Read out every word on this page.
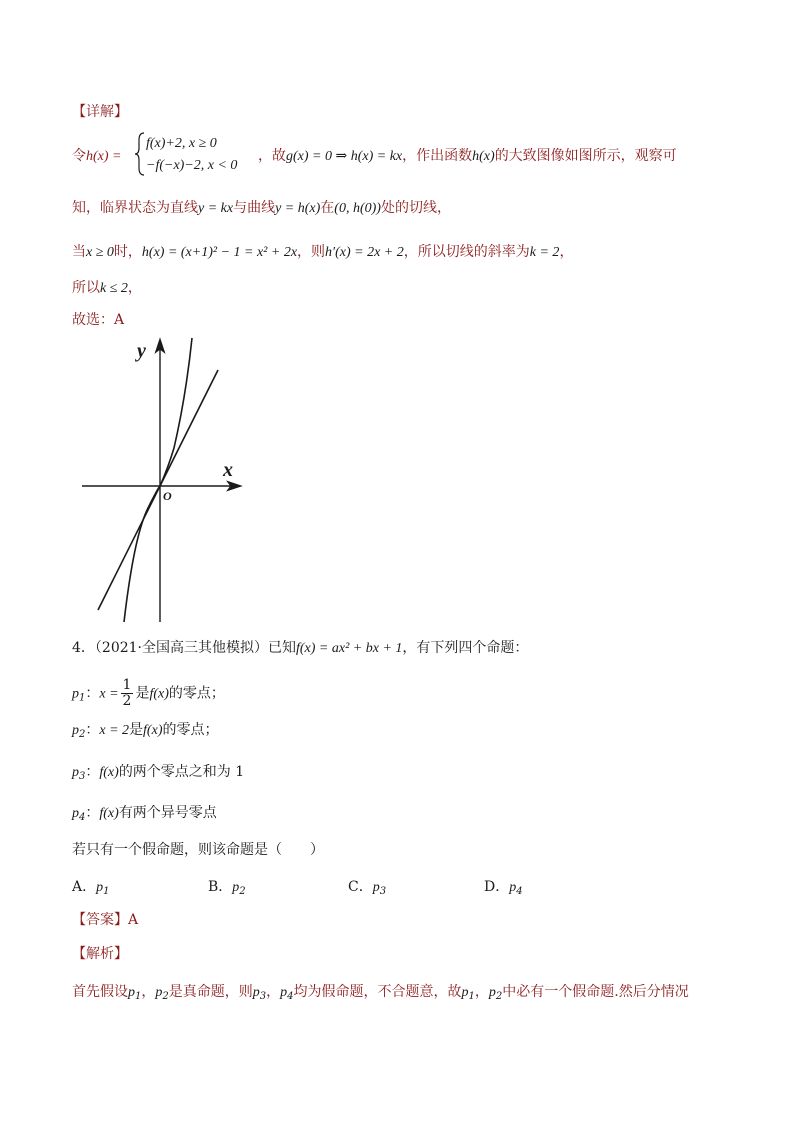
【详解】
令h(x) =
f(x)+2, x ≥ 0
−f(−x)−2, x < 0
，故g(x) = 0 ⇒ h(x) = kx，作出函数h(x)的大致图像如图所示，观察可
知，临界状态为直线y = kx与曲线y = h(x)在(0, h(0))处的切线，
当x ≥ 0时，h(x) = (x+1)² − 1 = x² + 2x，则h′(x) = 2x + 2，所以切线的斜率为k = 2，
所以k ≤ 2，
故选：A
y
x
O
4．（2021·全国高三其他模拟）已知f(x) = ax² + bx + 1，有下列四个命题：
$p_1$：$x = \frac{1}{2}$ 是f(x)的零点；
$p_2$：x = 2是f(x)的零点；
$p_3$：f(x)的两个零点之和为 1
$p_4$：f(x)有两个异号零点
若只有一个假命题，则该命题是（　　）
A．$p_1$	B．$p_2$	C．$p_3$	D．$p_4$
【答案】A
【解析】
首先假设$p_1$，$p_2$是真命题，则$p_3$，$p_4$均为假命题，不合题意，故$p_1$，$p_2$中必有一个假命题.然后分情况
